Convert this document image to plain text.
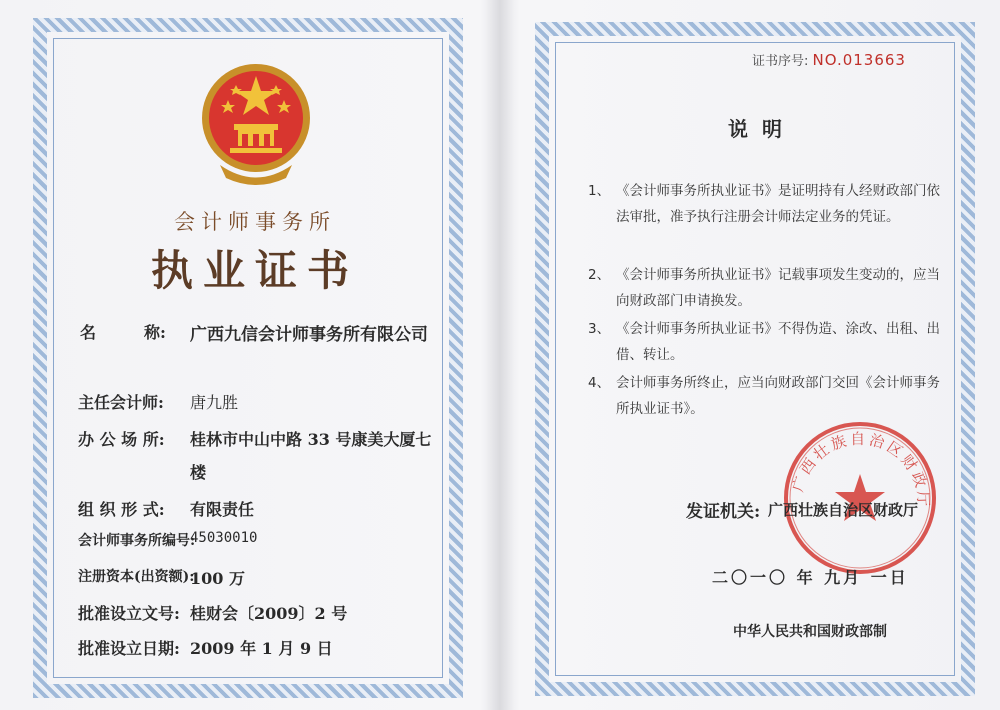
会计师事务所
执业证书
名　　　称: 广西九信会计师事务所有限公司
主任会计师: 唐九胜
办 公 场 所: 桂林市中山中路 33 号康美大厦七
楼
组 织 形 式: 有限责任
会计师事务所编号:
45030010
注册资本(出资额):
100 万
批准设立文号: 桂财会〔2009〕2 号
批准设立日期: 2009 年 1 月 9 日
证书序号: NO.013663
说明
1、 《会计师事务所执业证书》是证明持有人经财政部门依法审批，准予执行注册会计师法定业务的凭证。
2、 《会计师事务所执业证书》记载事项发生变动的，应当向财政部门申请换发。
3、 《会计师事务所执业证书》不得伪造、涂改、出租、出借、转让。
4、 会计师事务所终止，应当向财政部门交回《会计师事务所执业证书》。
广西壮族自治区财政厅
发证机关: 广西壮族自治区财政厅
二〇一〇 年 九月 一日
中华人民共和国财政部制
